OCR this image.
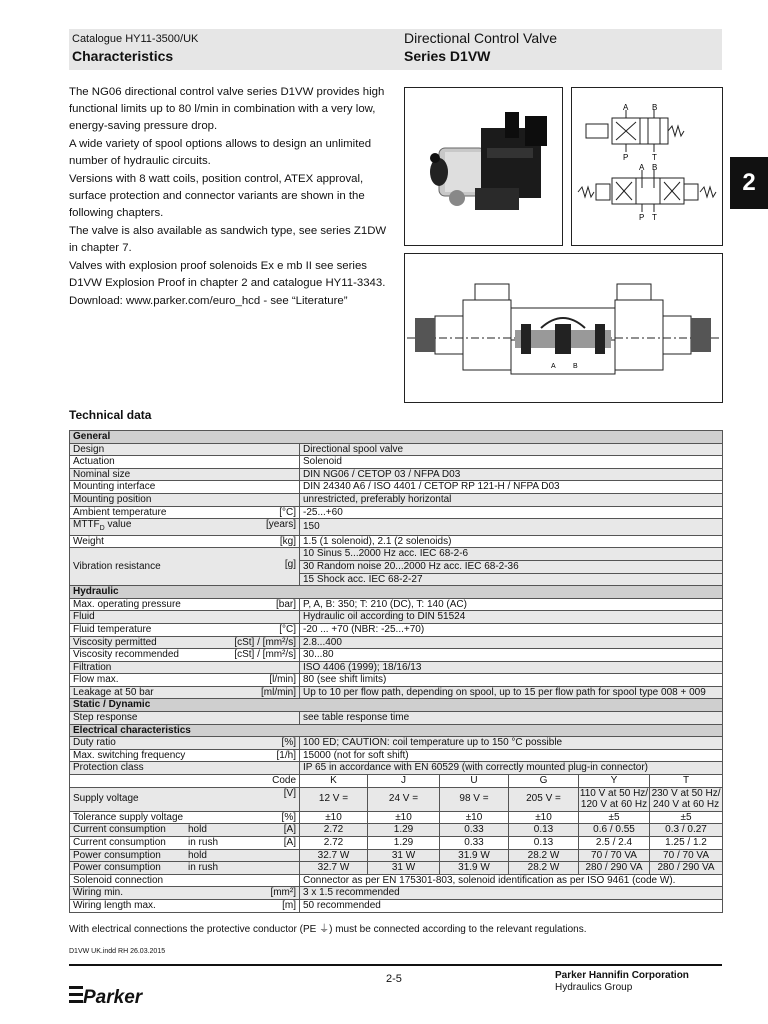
Catalogue HY11-3500/UK
Characteristics
Directional Control Valve
Series D1VW
2

The NG06 directional control valve series D1VW provides high functional limits up to 80 l/min in combination with a very low, energy-saving pressure drop.

A wide variety of spool options allows to design an unlimited number of hydraulic circuits.

Versions with 8 watt coils, position control, ATEX approval, surface protection and connector variants are shown in the following chapters.

The valve is also available as sandwich type, see series Z1DW in chapter 7.

Valves with explosion proof solenoids Ex e mb II see series D1VW Explosion Proof in chapter 2 and catalogue HY11-3343.

Download: www.parker.com/euro_hcd - see “Literature”

A	B
P	T
A B
P T
A B
Technical data
General						
Design	Directional spool valve					
Actuation	Solenoid					
Nominal size	DIN NG06 / CETOP 03 / NFPA D03					
Mounting interface	DIN 24340 A6 / ISO 4401 / CETOP RP 121-H / NFPA D03					
Mounting position	unrestricted, preferably horizontal					
Ambient temperature [°C]	-25...+60					
$MTTF_D$ value [years]	150					
Weight [kg]	1.5 (1 solenoid), 2.1 (2 solenoids)					
Vibration resistance [g]	10 Sinus 5...2000 Hz acc. IEC 68-2-6					
	30 Random noise 20...2000 Hz acc. IEC 68-2-36					
	15 Shock acc. IEC 68-2-27					
Hydraulic						
Max. operating pressure [bar]	P, A, B: 350; T: 210 (DC), T: 140 (AC)					
Fluid	Hydraulic oil according to DIN 51524					
Fluid temperature [°C]	-20 ... +70 (NBR: -25...+70)					
Viscosity permitted [cSt] / [mm²/s]	2.8...400					
Viscosity recommended [cSt] / [mm²/s]	30...80					
Filtration	ISO 4406 (1999); 18/16/13					
Flow max. [l/min]	80 (see shift limits)					
Leakage at 50 bar [ml/min]	Up to 10 per flow path, depending on spool, up to 15 per flow path for spool type 008 + 009					
Static / Dynamic						
Step response	see table response time					
Electrical characteristics						
Duty ratio [%]	100 ED; CAUTION: coil temperature up to 150 °C possible					
Max. switching frequency [1/h]	15000 (not for soft shift)					
Protection class	IP 65 in accordance with EN 60529 (with correctly mounted plug-in connector)					

Code	K	J	U	G	Y	T
Supply voltage
[V]	12 V =	24 V =	98 V =	205 V =	110 V at 50 Hz/	230 V at 50 Hz/
					120 V at 60 Hz	240 V at 60 Hz
Tolerance supply voltage [%]	±10	±10	±10	±10	±5	±5
Current consumption hold [A]	2.72	1.29	0.33	0.13	0.6 / 0.55	0.3 / 0.27
Current consumption in rush [A]	2.72	1.29	0.33	0.13	2.5 / 2.4	1.25 / 1.2
Power consumption hold	32.7 W	31 W	31.9 W	28.2 W	70 / 70 VA	70 / 70 VA
Power consumption in rush	32.7 W	31 W	31.9 W	28.2 W	280 / 290 VA	280 / 290 VA
Solenoid connection	Connector as per EN 175301-803, solenoid identification as per ISO 9461 (code W).					
Wiring min. [mm²]	3 x 1.5 recommended					
Wiring length max. [m]	50 recommended					
With electrical connections the protective conductor (PE ⏚) must be connected according to the relevant regulations.
D1VW UK.indd RH 26.03.2015
2-5	Parker Hannifin Corporation
Hydraulics Group
Parker
